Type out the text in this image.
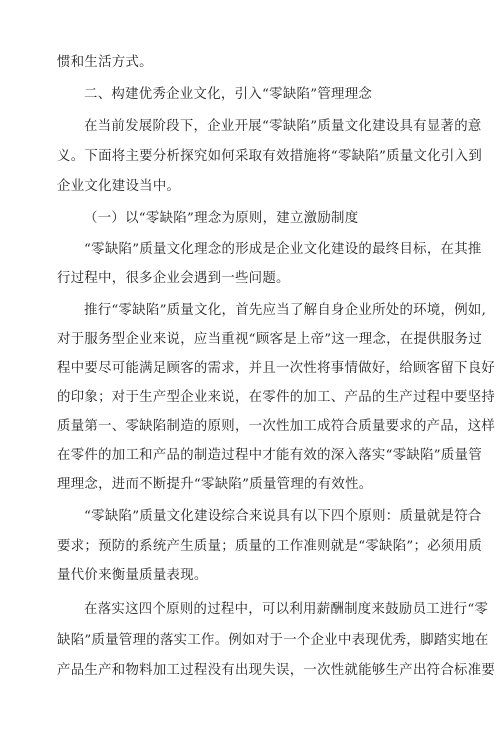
惯和生活方式。
二、构建优秀企业文化，引入“零缺陷”管理理念
在当前发展阶段下，企业开展“零缺陷”质量文化建设具有显著的意
义。下面将主要分析探究如何采取有效措施将“零缺陷”质量文化引入到
企业文化建设当中。
（一）以“零缺陷”理念为原则，建立激励制度
“零缺陷”质量文化理念的形成是企业文化建设的最终目标，在其推
行过程中，很多企业会遇到一些问题。
推行“零缺陷”质量文化，首先应当了解自身企业所处的环境，例如,
对于服务型企业来说，应当重视“顾客是上帝”这一理念，在提供服务过
程中要尽可能满足顾客的需求，并且一次性将事情做好，给顾客留下良好
的印象；对于生产型企业来说，在零件的加工、产品的生产过程中要坚持
质量第一、零缺陷制造的原则，一次性加工成符合质量要求的产品，这样
在零件的加工和产品的制造过程中才能有效的深入落实“零缺陷”质量管
理理念，进而不断提升“零缺陷”质量管理的有效性。
“零缺陷”质量文化建设综合来说具有以下四个原则：质量就是符合
要求；预防的系统产生质量；质量的工作准则就是“零缺陷”；必须用质
量代价来衡量质量表现。
在落实这四个原则的过程中，可以利用薪酬制度来鼓励员工进行“零
缺陷”质量管理的落实工作。例如对于一个企业中表现优秀，脚踏实地在
产品生产和物料加工过程没有出现失误，一次性就能够生产出符合标准要
